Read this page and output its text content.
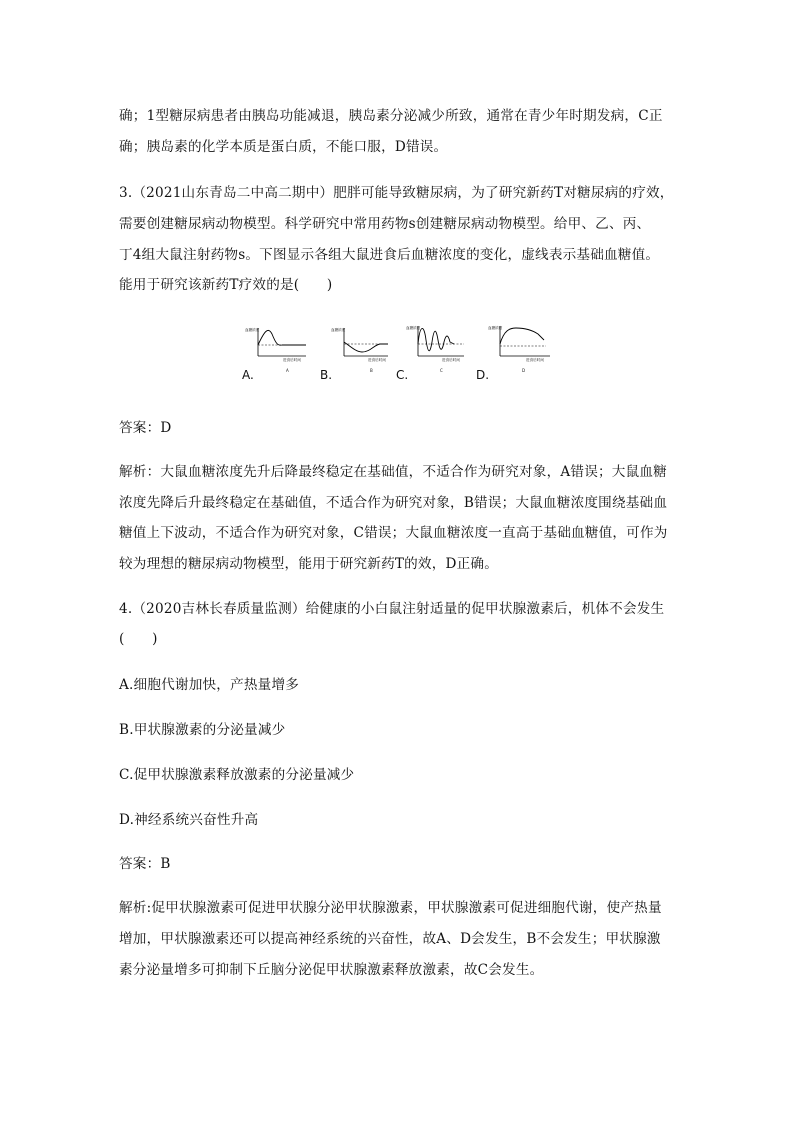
确；1型糖尿病患者由胰岛功能减退，胰岛素分泌减少所致，通常在青少年时期发病，C正
确；胰岛素的化学本质是蛋白质，不能口服，D错误。
3.（2021山东青岛二中高二期中）肥胖可能导致糖尿病，为了研究新药T对糖尿病的疗效，
需要创建糖尿病动物模型。科学研究中常用药物s创建糖尿病动物模型。给甲、乙、丙、
丁4组大鼠注射药物s。下图显示各组大鼠进食后血糖浓度的变化，虚线表示基础血糖值。
能用于研究该新药T疗效的是(　　)
A.
血糖浓度
进食后时间
A	B.
血糖浓度
进食后时间
B C.
血糖浓度
进食后时间
C	D.
血糖浓度
进食后时间
D
答案：D
解析：大鼠血糖浓度先升后降最终稳定在基础值，不适合作为研究对象，A错误；大鼠血糖
浓度先降后升最终稳定在基础值，不适合作为研究对象，B错误；大鼠血糖浓度围绕基础血
糖值上下波动，不适合作为研究对象，C错误；大鼠血糖浓度一直高于基础血糖值，可作为
较为理想的糖尿病动物模型，能用于研究新药T的效，D正确。
4.（2020吉林长春质量监测）给健康的小白鼠注射适量的促甲状腺激素后，机体不会发生
(　　)
A.细胞代谢加快，产热量增多
B.甲状腺激素的分泌量减少
C.促甲状腺激素释放激素的分泌量减少
D.神经系统兴奋性升高
答案：B
解析:促甲状腺激素可促进甲状腺分泌甲状腺激素，甲状腺激素可促进细胞代谢，使产热量
增加，甲状腺激素还可以提高神经系统的兴奋性，故A、D会发生，B不会发生；甲状腺激
素分泌量增多可抑制下丘脑分泌促甲状腺激素释放激素，故C会发生。
